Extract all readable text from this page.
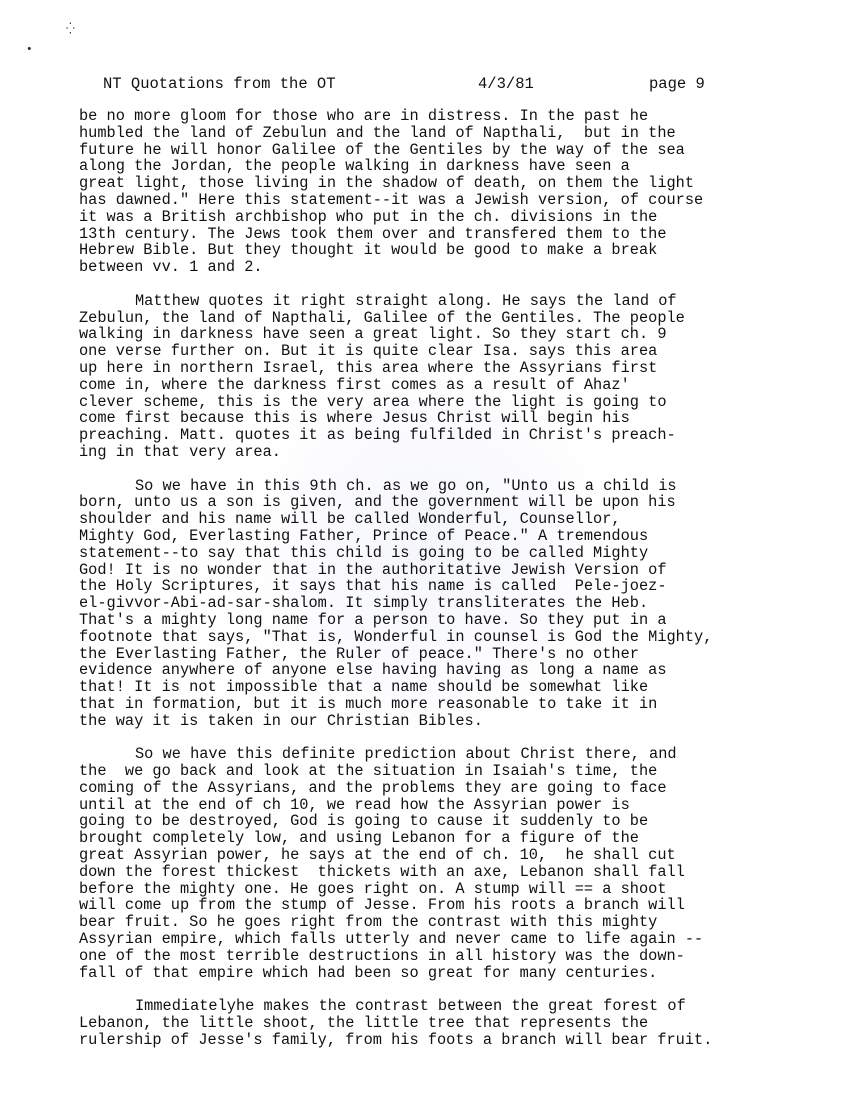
⁛
•
NT Quotations from the OT	4/3/81	page 9
be no more gloom for those who are in distress. In the past he
humbled the land of Zebulun and the land of Napthali,  but in the
future he will honor Galilee of the Gentiles by the way of the sea
along the Jordan, the people walking in darkness have seen a
great light, those living in the shadow of death, on them the light
has dawned." Here this statement--it was a Jewish version, of course
it was a British archbishop who put in the ch. divisions in the
13th century. The Jews took them over and transfered them to the
Hebrew Bible. But they thought it would be good to make a break
between vv. 1 and 2.
Matthew quotes it right straight along. He says the land of
Zebulun, the land of Napthali, Galilee of the Gentiles. The people
walking in darkness have seen a great light. So they start ch. 9
one verse further on. But it is quite clear Isa. says this area
up here in northern Israel, this area where the Assyrians first
come in, where the darkness first comes as a result of Ahaz'
clever scheme, this is the very area where the light is going to
come first because this is where Jesus Christ will begin his
preaching. Matt. quotes it as being fulfilded in Christ's preach-
ing in that very area.
So we have in this 9th ch. as we go on, "Unto us a child is
born, unto us a son is given, and the government will be upon his
shoulder and his name will be called Wonderful, Counsellor,
Mighty God, Everlasting Father, Prince of Peace." A tremendous
statement--to say that this child is going to be called Mighty
God! It is no wonder that in the authoritative Jewish Version of
the Holy Scriptures, it says that his name is called  Pele-joez-
el-givvor-Abi-ad-sar-shalom. It simply transliterates the Heb.
That's a mighty long name for a person to have. So they put in a
footnote that says, "That is, Wonderful in counsel is God the Mighty,
the Everlasting Father, the Ruler of peace." There's no other
evidence anywhere of anyone else having having as long a name as
that! It is not impossible that a name should be somewhat like
that in formation, but it is much more reasonable to take it in
the way it is taken in our Christian Bibles.
So we have this definite prediction about Christ there, and
the  we go back and look at the situation in Isaiah's time, the
coming of the Assyrians, and the problems they are going to face
until at the end of ch 10, we read how the Assyrian power is
going to be destroyed, God is going to cause it suddenly to be
brought completely low, and using Lebanon for a figure of the
great Assyrian power, he says at the end of ch. 10,  he shall cut
down the forest thickest  thickets with an axe, Lebanon shall fall
before the mighty one. He goes right on. A stump will == a shoot
will come up from the stump of Jesse. From his roots a branch will
bear fruit. So he goes right from the contrast with this mighty
Assyrian empire, which falls utterly and never came to life again --
one of the most terrible destructions in all history was the down-
fall of that empire which had been so great for many centuries.
Immediatelyhe makes the contrast between the great forest of
Lebanon, the little shoot, the little tree that represents the
rulership of Jesse's family, from his foots a branch will bear fruit.
